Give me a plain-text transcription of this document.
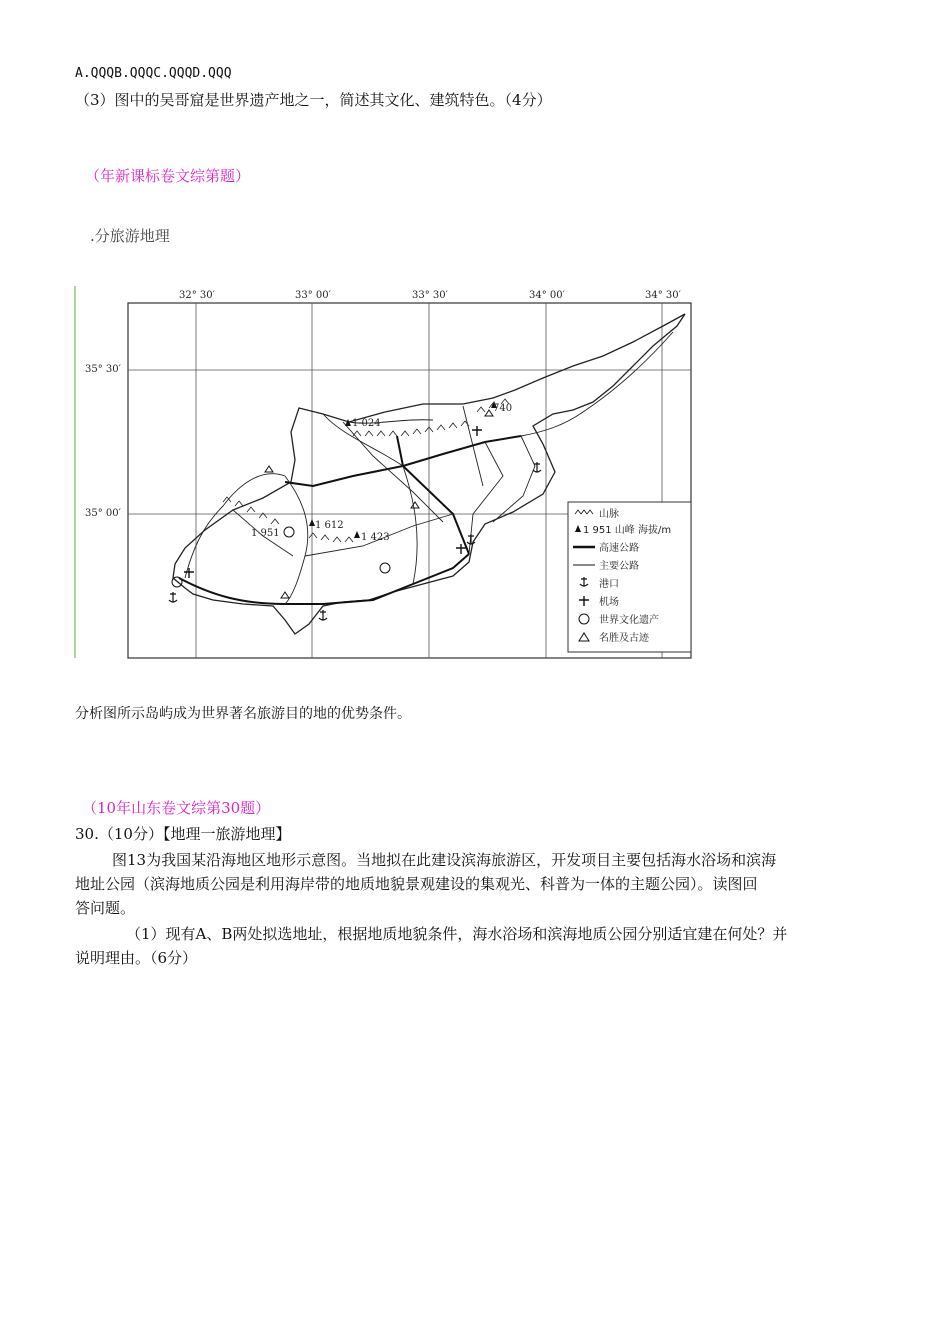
A.QQQB.QQQC.QQQD.QQQ
（3）图中的吴哥窟是世界遗产地之一，简述其文化、建筑特色。（4分）
（年新课标卷文综第题）
.分旅游地理
32° 30′	33° 00′	33° 30′	34° 00′	34° 30′
35° 30′
35° 00′
1 024
740
1 612
1 951	1 423
山脉
1 951 山峰 海拔/m
高速公路
主要公路
港口
机场
世界文化遗产
名胜及古迹
分析图所示岛屿成为世界著名旅游目的地的优势条件。
（10年山东卷文综第30题）
30.（10分）【地理一旅游地理】
图13为我国某沿海地区地形示意图。当地拟在此建设滨海旅游区，开发项目主要包括海水浴场和滨海
地址公园（滨海地质公园是利用海岸带的地质地貌景观建设的集观光、科普为一体的主题公园）。读图回
答问题。
（1）现有A、B两处拟选地址，根据地质地貌条件，海水浴场和滨海地质公园分别适宜建在何处？并
说明理由。（6分）
